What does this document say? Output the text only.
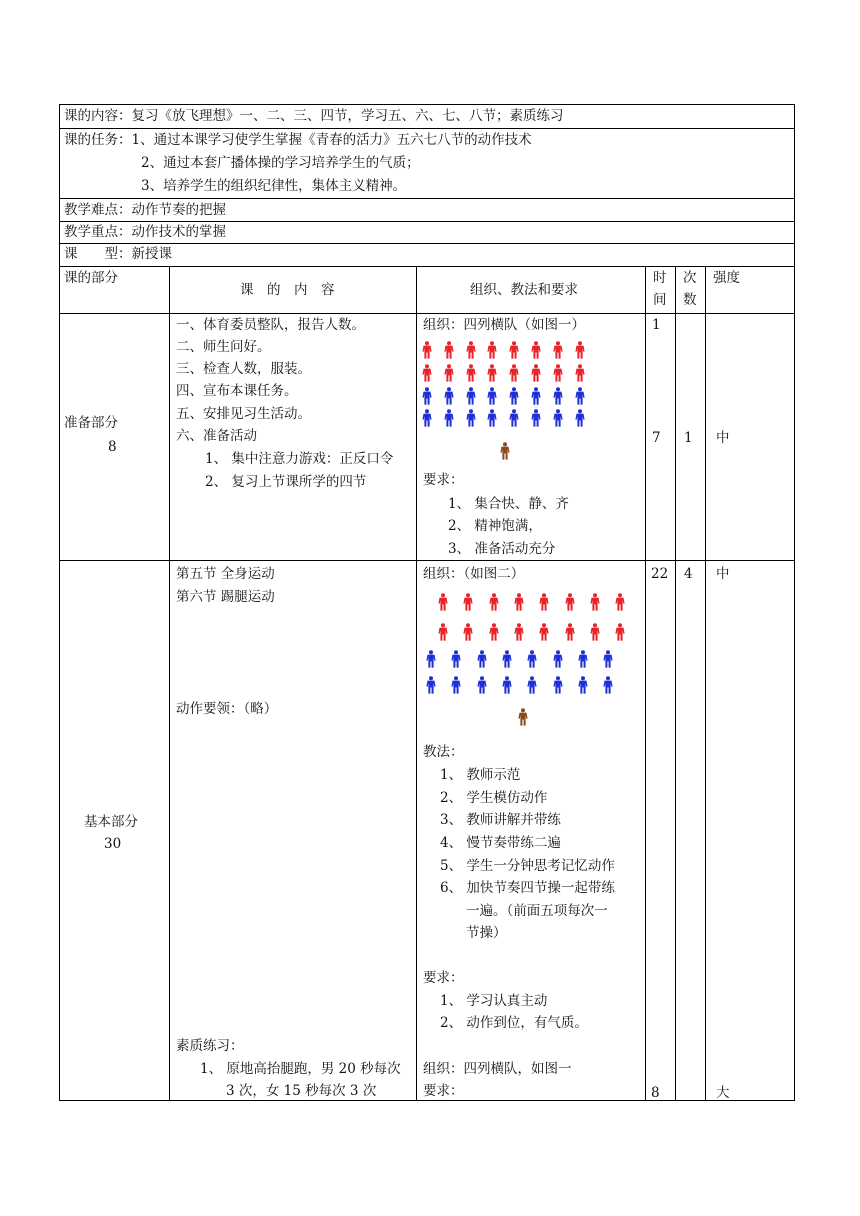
课的内容：复习《放飞理想》一、二、三、四节，学习五、六、七、八节；素质练习
课的任务：1、通过本课学习使学生掌握《青春的活力》五六七八节的动作技术
2、通过本套广播体操的学习培养学生的气质；
3、培养学生的组织纪律性，集体主义精神。
教学难点：动作节奏的把握
教学重点：动作技术的掌握
课　　型：新授课
课的部分
课　的　内　容	组织、教法和要求
时
间
次
数
强度
准备部分
8
一、体育委员整队，报告人数。
二、师生问好。
三、检查人数，服装。
四、宣布本课任务。
五、安排见习生活动。
六、准备活动
1、 集中注意力游戏：正反口令
2、 复习上节课所学的四节
组织：四列横队（如图一）
要求：
1、 集合快、静、齐
2、 精神饱满，
3、 准备活动充分
1
7 1 中
基本部分
30
第五节 全身运动
第六节 踢腿运动
动作要领：（略）
素质练习：
1、 原地高抬腿跑，男 20 秒每次
3 次，女 15 秒每次 3 次
组织：（如图二）
教法：
1、 教师示范
2、 学生模仿动作
3、 教师讲解并带练
4、 慢节奏带练二遍
5、 学生一分钟思考记忆动作
6、 加快节奏四节操一起带练
一遍。（前面五项每次一
节操）
要求：
1、 学习认真主动
2、 动作到位，有气质。
组织：四列横队，如图一
要求：
22 4 中
8	大
